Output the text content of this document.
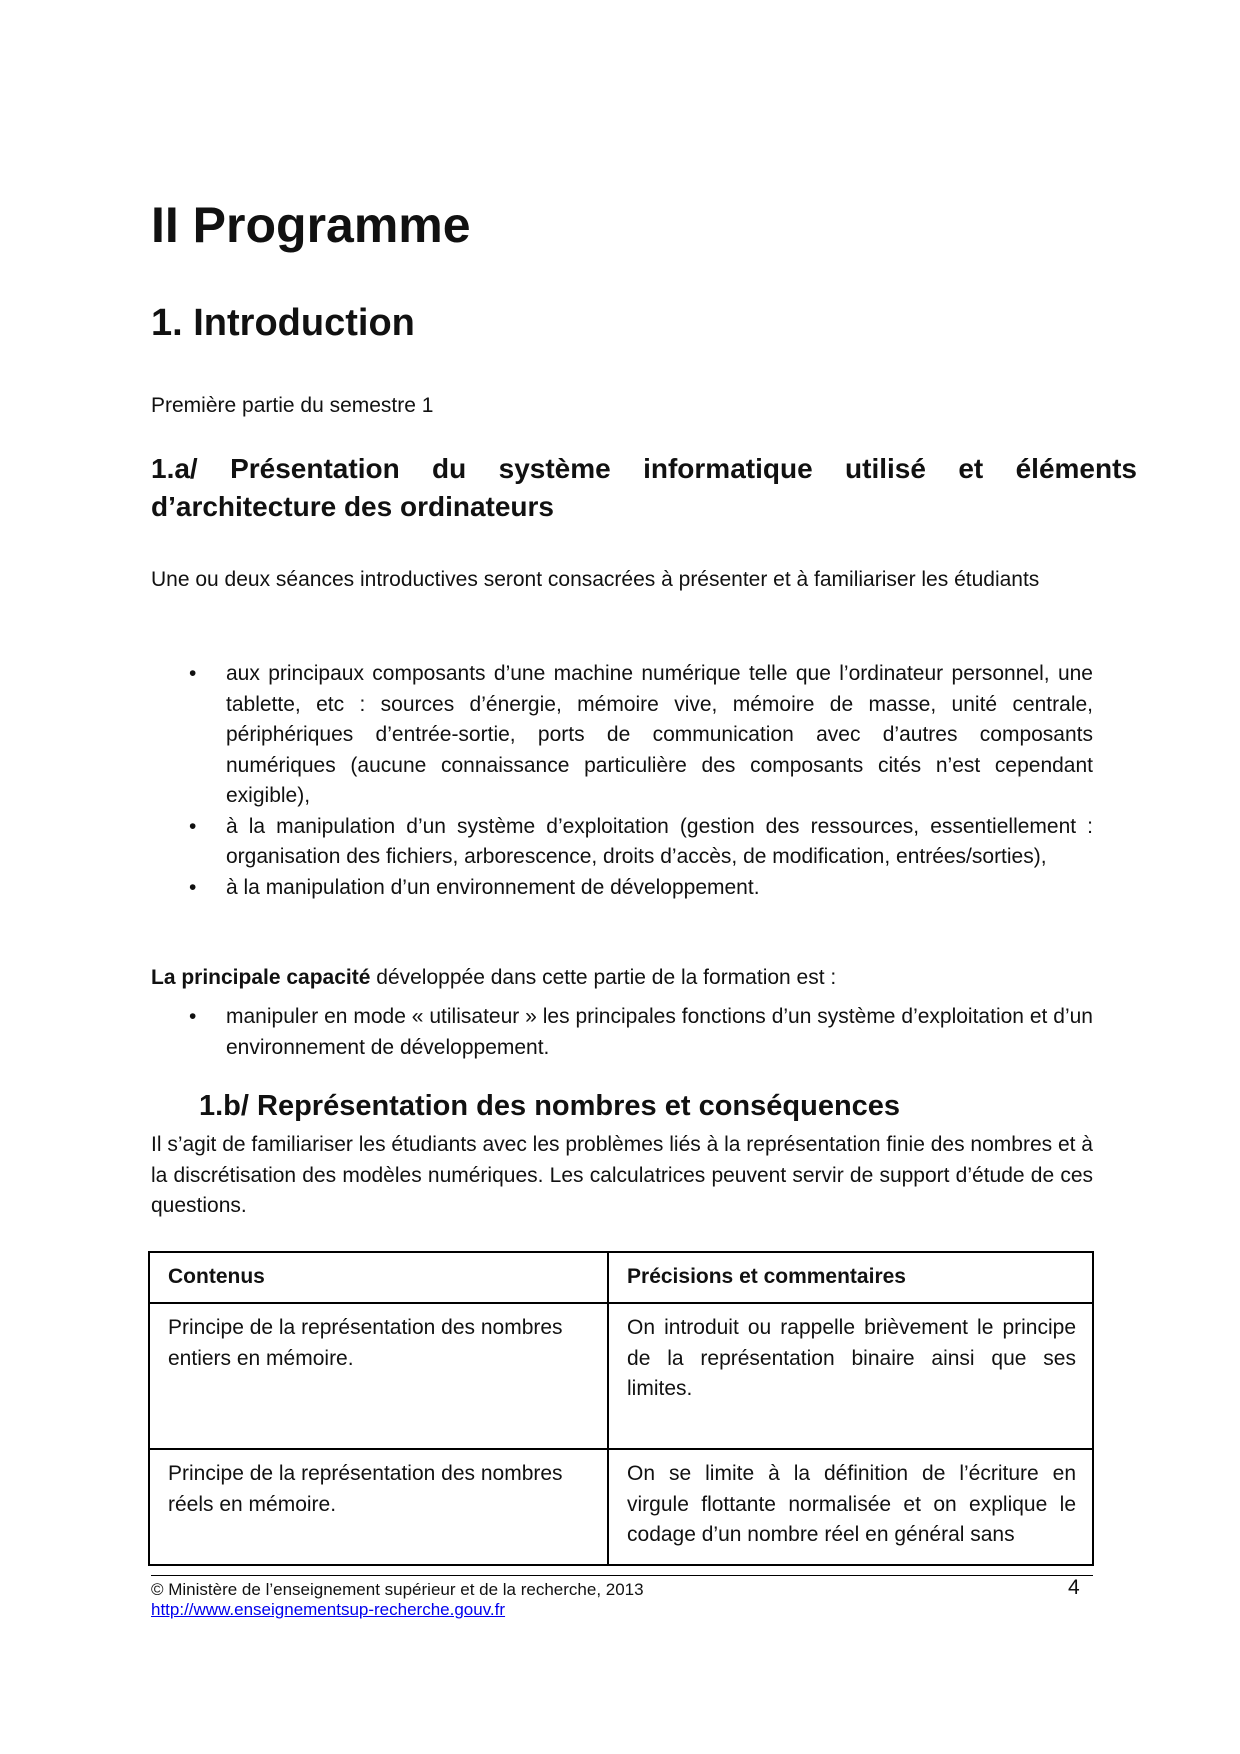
II Programme
1. Introduction
Première partie du semestre 1
1.a/ Présentation du système informatique utilisé et éléments d’architecture des ordinateurs
Une ou deux séances introductives seront consacrées à présenter et à familiariser les étudiants
• aux principaux composants d’une machine numérique telle que l’ordinateur personnel, une tablette, etc : sources d’énergie, mémoire vive, mémoire de masse, unité centrale, périphériques d’entrée-sortie, ports de communication avec d’autres composants numériques (aucune connaissance particulière des composants cités n’est cependant exigible),
• à la manipulation d’un système d’exploitation (gestion des ressources, essentiellement : organisation des fichiers, arborescence, droits d’accès, de modification, entrées/sorties),
• à la manipulation d’un environnement de développement.
La principale capacité développée dans cette partie de la formation est :
• manipuler en mode « utilisateur » les principales fonctions d’un système d’exploitation et d’un environnement de développement.
1.b/ Représentation des nombres et conséquences
Il s’agit de familiariser les étudiants avec les problèmes liés à la représentation finie des nombres et à la discrétisation des modèles numériques. Les calculatrices peuvent servir de support d’étude de ces questions.
Contenus	Précisions et commentaires
Principe de la représentation des nombres entiers en mémoire.	On introduit ou rappelle brièvement le principe de la représentation binaire ainsi que ses limites.
Principe de la représentation des nombres réels en mémoire.	On se limite à la définition de l’écriture en virgule flottante normalisée et on explique le codage d’un nombre réel en général sans
© Ministère de l’enseignement supérieur et de la recherche, 2013	4
http://www.enseignementsup-recherche.gouv.fr
